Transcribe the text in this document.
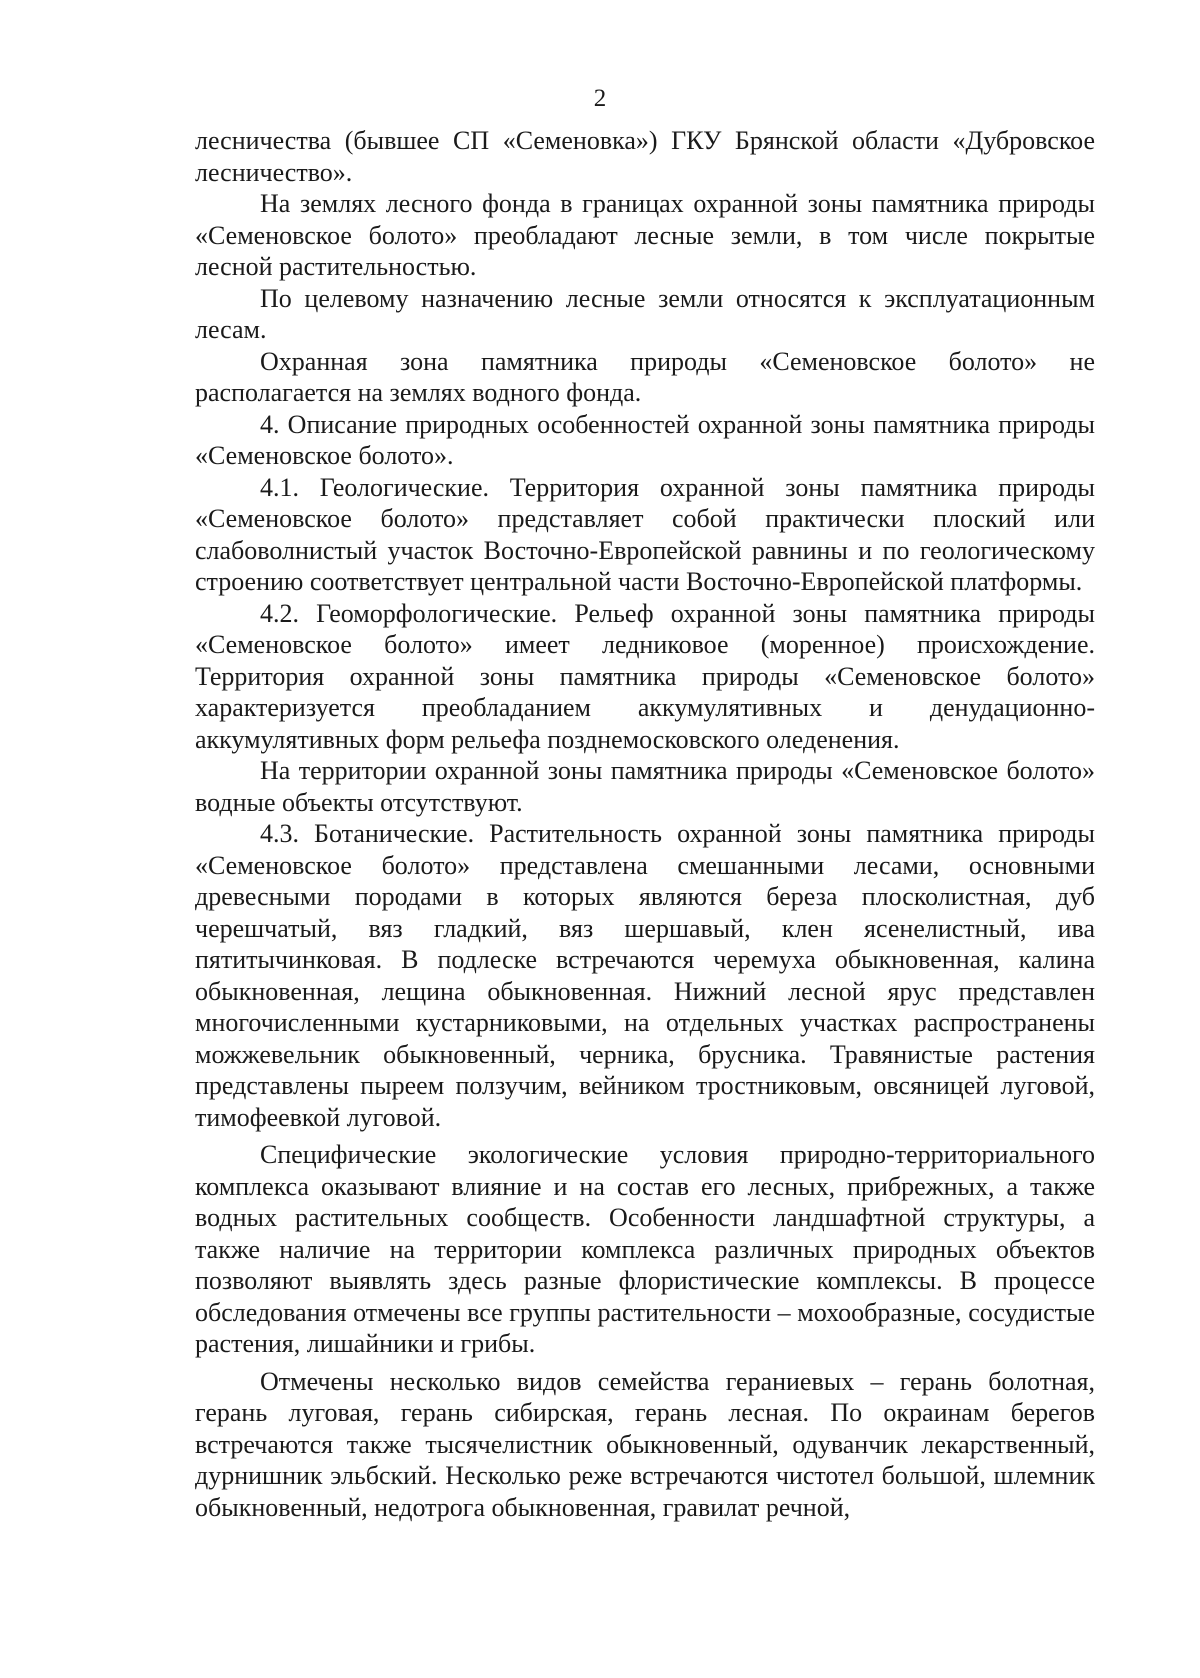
2

лесничества (бывшее СП «Семеновка») ГКУ Брянской области «Дубровское лесничество».

На землях лесного фонда в границах охранной зоны памятника природы «Семеновское болото» преобладают лесные земли, в том числе покрытые лесной растительностью.

По целевому назначению лесные земли относятся к эксплуатационным лесам.

Охранная зона памятника природы «Семеновское болото» не располагается на землях водного фонда.

4. Описание природных особенностей охранной зоны памятника природы «Семеновское болото».

4.1. Геологические. Территория охранной зоны памятника природы «Семеновское болото» представляет собой практически плоский или слабоволнистый участок Восточно-Европейской равнины и по геологическому строению соответствует центральной части Восточно-Европейской платформы.

4.2. Геоморфологические. Рельеф охранной зоны памятника природы «Семеновское болото» имеет ледниковое (моренное) происхождение. Территория охранной зоны памятника природы «Семеновское болото» характеризуется преобладанием аккумулятивных и денудационно-аккумулятивных форм рельефа позднемосковского оледенения.

На территории охранной зоны памятника природы «Семеновское болото» водные объекты отсутствуют.

4.3. Ботанические. Растительность охранной зоны памятника природы «Семеновское болото» представлена смешанными лесами, основными древесными породами в которых являются береза плосколистная, дуб черешчатый, вяз гладкий, вяз шершавый, клен ясенелистный, ива пятитычинковая. В подлеске встречаются черемуха обыкновенная, калина обыкновенная, лещина обыкновенная. Нижний лесной ярус представлен многочисленными кустарниковыми, на отдельных участках распространены можжевельник обыкновенный, черника, брусника. Травянистые растения представлены пыреем ползучим, вейником тростниковым, овсяницей луговой, тимофеевкой луговой.

Специфические экологические условия природно-территориального комплекса оказывают влияние и на состав его лесных, прибрежных, а также водных растительных сообществ. Особенности ландшафтной структуры, а также наличие на территории комплекса различных природных объектов позволяют выявлять здесь разные флористические комплексы. В процессе обследования отмечены все группы растительности – мохообразные, сосудистые растения, лишайники и грибы.

Отмечены несколько видов семейства гераниевых – герань болотная, герань луговая, герань сибирская, герань лесная. По окраинам берегов встречаются также тысячелистник обыкновенный, одуванчик лекарственный, дурнишник эльбский. Несколько реже встречаются чистотел большой, шлемник обыкновенный, недотрога обыкновенная, гравилат речной,
